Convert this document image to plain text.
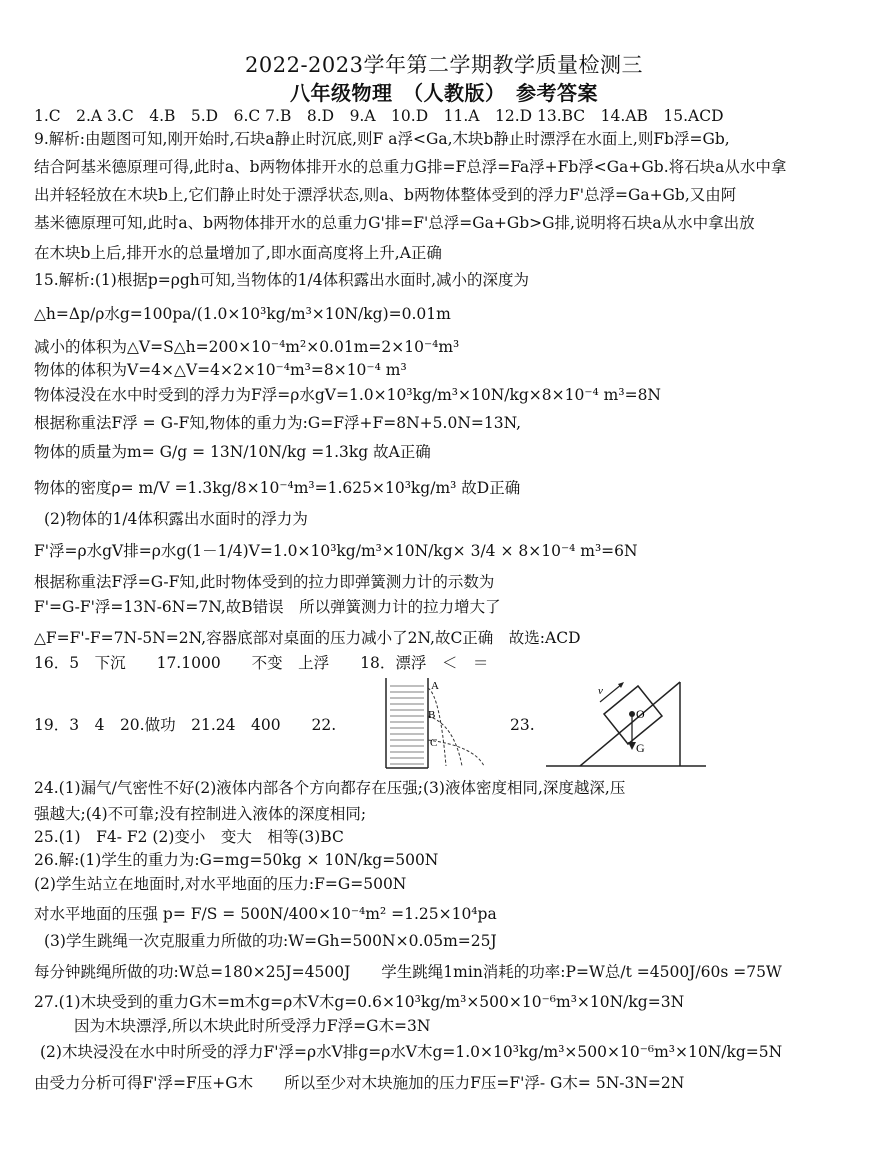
2022-2023学年第二学期教学质量检测三
八年级物理　（人教版）　参考答案
1.C　2.A 3.C　4.B　5.D　6.C 7.B　8.D　9.A　10.D　11.A　12.D 13.BC　14.AB　15.ACD
9.解析:由题图可知,刚开始时,石块a静止时沉底,则F a浮<Ga,木块b静止时漂浮在水面上,则Fb浮=Gb,
结合阿基米德原理可得,此时a、b两物体排开水的总重力G排=F总浮=Fa浮+Fb浮<Ga+Gb.将石块a从水中拿
出并轻轻放在木块b上,它们静止时处于漂浮状态,则a、b两物体整体受到的浮力F'总浮=Ga+Gb,又由阿
基米德原理可知,此时a、b两物体排开水的总重力G'排=F'总浮=Ga+Gb>G排,说明将石块a从水中拿出放
在木块b上后,排开水的总量增加了,即水面高度将上升,A正确
15.解析:(1)根据p=ρgh可知,当物体的1/4体积露出水面时,减小的深度为
△h=Δp/ρ水g=100pa/(1.0×10³kg/m³×10N/kg)=0.01m
减小的体积为△V=S△h=200×10⁻⁴m²×0.01m=2×10⁻⁴m³
物体的体积为V=4×△V=4×2×10⁻⁴m³=8×10⁻⁴ m³
物体浸没在水中时受到的浮力为F浮=ρ水gV=1.0×10³kg/m³×10N/kg×8×10⁻⁴ m³=8N
根据称重法F浮 = G-F知,物体的重力为:G=F浮+F=8N+5.0N=13N,
物体的质量为m= G/g = 13N/10N/kg =1.3kg 故A正确
物体的密度ρ= m/V =1.3kg/8×10⁻⁴m³=1.625×10³kg/m³ 故D正确
(2)物体的1/4体积露出水面时的浮力为
F'浮=ρ水gV排=ρ水g(1－1/4)V=1.0×10³kg/m³×10N/kg× 3/4 × 8×10⁻⁴ m³=6N
根据称重法F浮=G-F知,此时物体受到的拉力即弹簧测力计的示数为
F'=G-F'浮=13N-6N=7N,故B错误　所以弹簧测力计的拉力增大了
△F=F'-F=7N-5N=2N,容器底部对桌面的压力减小了2N,故C正确　故选:ACD
16．5　下沉　　17.1000　　不变　上浮　　18．漂浮　＜　＝
19．3　4　20.做功　21.24　400　　22.
A
B
C
23.
v
O
G
24.(1)漏气/气密性不好(2)液体内部各个方向都存在压强;(3)液体密度相同,深度越深,压
强越大;(4)不可靠;没有控制进入液体的深度相同;
25.(1)　F4- F2 (2)变小　变大　相等(3)BC
26.解:(1)学生的重力为:G=mg=50kg × 10N/kg=500N
(2)学生站立在地面时,对水平地面的压力:F=G=500N
对水平地面的压强 p= F/S = 500N/400×10⁻⁴m² =1.25×10⁴pa
(3)学生跳绳一次克服重力所做的功:W=Gh=500N×0.05m=25J
每分钟跳绳所做的功:W总=180×25J=4500J　　学生跳绳1min消耗的功率:P=W总/t =4500J/60s =75W
27.(1)木块受到的重力G木=m木g=ρ木V木g=0.6×10³kg/m³×500×10⁻⁶m³×10N/kg=3N
因为木块漂浮,所以木块此时所受浮力F浮=G木=3N
(2)木块浸没在水中时所受的浮力F'浮=ρ水V排g=ρ水V木g=1.0×10³kg/m³×500×10⁻⁶m³×10N/kg=5N
由受力分析可得F'浮=F压+G木　　所以至少对木块施加的压力F压=F'浮- G木= 5N-3N=2N
